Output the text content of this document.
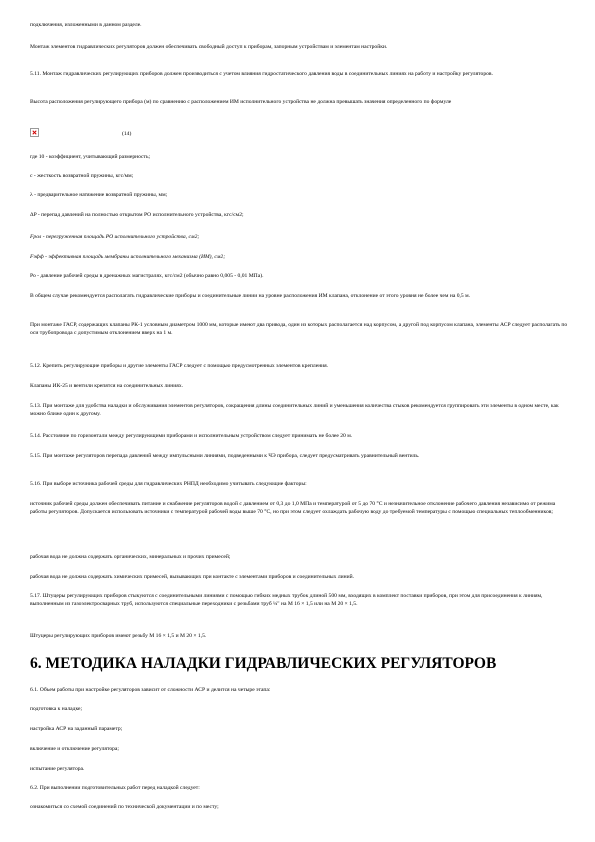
подключения, изложенными в данном разделе.

Монтаж элементов гидравлических регуляторов должен обеспечивать свободный доступ к приборам, запорным устройствам и элементам настройки.

5.11. Монтаж гидравлических регулирующих приборов должен производиться с учетом влияния гидростатического давления воды в соединительных линиях на работу и настройку регуляторов.

Высота расположения регулирующего прибора (м) по сравнению с расположением ИМ исполнительного устройства не должна превышать значения определенного по формуле

(14)

где 10 - коэффициент, учитывающий размерность;

с - жесткость возвратной пружины, кгс/мм;

λ - предварительное натяжение возвратной пружины, мм;

ΔP - перепад давлений на полностью открытом РО исполнительного устройства, кгс/см2;

Fрол - перегруженная площадь РО исполнительного устройства, см2;

Fэфф - эффективная площадь мембраны исполнительного механизма (ИМ), см2;

Ро - давление рабочей среды в дренажных магистралях, кгс/см2 (обычно равно 0,005 - 0,01 МПа).

В общем случае рекомендуется располагать гидравлические приборы и соединительные линии на уровне расположения ИМ клапана, отклонение от этого уровня не более чем на 0,5 м.

При монтаже ГАСР, содержащих клапаны РК-1 условным диаметром 1000 мм, которые имеют два привода, один из которых располагается над корпусом, а другой под корпусом клапана, элементы АСР следует располагать по оси трубопровода с допустимым отклонением вверх на 1 м.

5.12. Крепить регулирующие приборы и другие элементы ГАСР следует с помощью предусмотренных элементов крепления.

Клапаны ИК-25 и вентили крепятся на соединительных линиях.

5.13. При монтаже для удобства наладки и обслуживания элементов регуляторов, сокращения длины соединительных линий и уменьшения количества стыков рекомендуется группировать эти элементы в одном месте, как можно ближе один к другому.

5.14. Расстояние по горизонтали между регулирующими приборами и исполнительным устройством следует принимать не более 20 м.

5.15. При монтаже регуляторов перепада давлений между импульсными линиями, подведенными к ЧЭ прибора, следует предусматривать уравнительный вентиль.

5.16. При выборе источника рабочей среды для гидравлических РНПД необходимо учитывать следующие факторы:

источник рабочей среды должен обеспечивать питание и снабжение регуляторов водой с давлением от 0,3 до 1,0 МПа и температурой от 5 до 70 °С и незначительное отклонение рабочего давления независимо от режима работы регуляторов. Допускается использовать источники с температурой рабочей воды выше 70 °С, но при этом следует охлаждать рабочую воду до требуемой температуры с помощью специальных теплообменников;

рабочая вода не должна содержать органических, минеральных и прочих примесей;

рабочая вода не должна содержать химических примесей, вызывающих при контакте с элементами приборов и соединительных линий.

5.17. Штуцеры регулирующих приборов стыкуются с соединительными линиями с помощью гибких медных трубок длиной 500 мм, входящих в комплект поставки приборов, при этом для присоединения к линиям, выполненным из газоэлектросварных труб, используются специальные переходники с резьбами труб ¼" на М 16 × 1,5 или на М 20 × 1,5.

Штуцеры регулирующих приборов имеют резьбу М 16 × 1,5 и М 20 × 1,5.

6. МЕТОДИКА НАЛАДКИ ГИДРАВЛИЧЕСКИХ РЕГУЛЯТОРОВ

6.1. Объем работы при настройке регуляторов зависит от сложности АСР и делится на четыре этапа:

подготовка к наладке;

настройка АСР на заданный параметр;

включение и отключение регулятора;

испытание регулятора.

6.2. При выполнении подготовительных работ перед наладкой следует:

ознакомиться со схемой соединений по технической документации и по месту;
